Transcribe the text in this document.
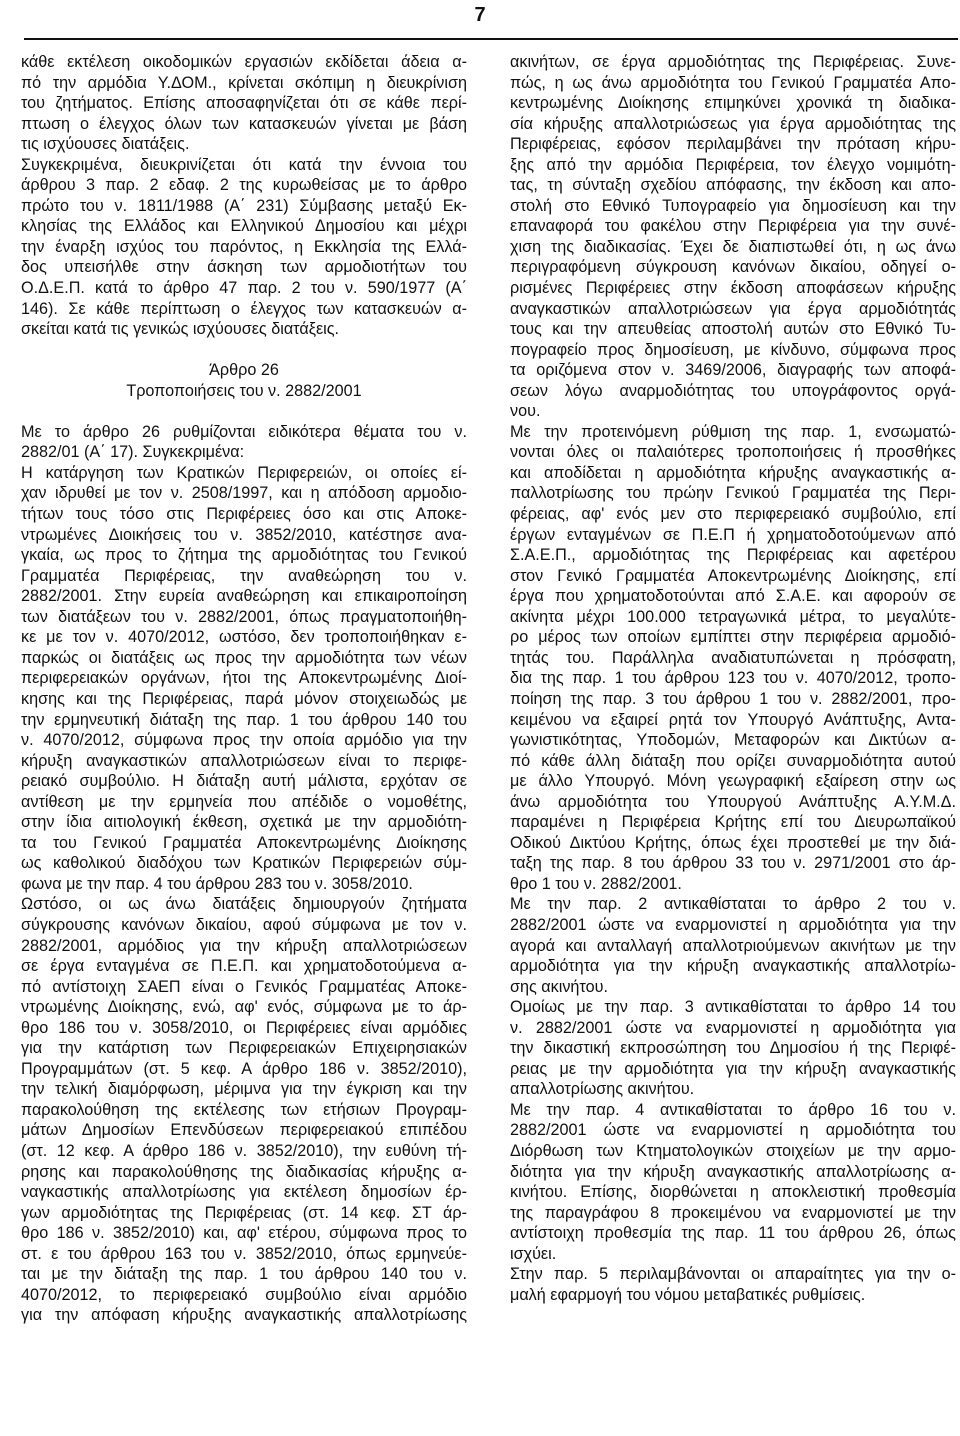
7
κάθε εκτέλεση οικοδομικών εργασιών εκδίδεται άδεια α-
πό την αρμόδια Υ.ΔΟΜ., κρίνεται σκόπιμη η διευκρίνιση
του ζητήματος. Επίσης αποσαφηνίζεται ότι σε κάθε περί-
πτωση ο έλεγχος όλων των κατασκευών γίνεται με βάση
τις ισχύουσες διατάξεις.
Συγκεκριμένα, διευκρινίζεται ότι κατά την έννοια του
άρθρου 3 παρ. 2 εδαφ. 2 της κυρωθείσας με το άρθρο
πρώτο του ν. 1811/1988 (Α΄ 231) Σύμβασης μεταξύ Εκ-
κλησίας της Ελλάδος και Ελληνικού Δημοσίου και μέχρι
την έναρξη ισχύος του παρόντος, η Εκκλησία της Ελλά-
δος υπεισήλθε στην άσκηση των αρμοδιοτήτων του
Ο.Δ.Ε.Π. κατά το άρθρο 47 παρ. 2 του ν. 590/1977 (Α΄
146). Σε κάθε περίπτωση ο έλεγχος των κατασκευών α-
σκείται κατά τις γενικώς ισχύουσες διατάξεις.
Άρθρο 26
Τροποποιήσεις του ν. 2882/2001
Με το άρθρο 26 ρυθμίζονται ειδικότερα θέματα του ν.
2882/01 (Α΄ 17). Συγκεκριμένα:
Η κατάργηση των Κρατικών Περιφερειών, οι οποίες εί-
χαν ιδρυθεί με τον ν. 2508/1997, και η απόδοση αρμοδιο-
τήτων τους τόσο στις Περιφέρειες όσο και στις Αποκε-
ντρωμένες Διοικήσεις του ν. 3852/2010, κατέστησε ανα-
γκαία, ως προς το ζήτημα της αρμοδιότητας του Γενικού
Γραμματέα Περιφέρειας, την αναθεώρηση του ν.
2882/2001. Στην ευρεία αναθεώρηση και επικαιροποίηση
των διατάξεων του ν. 2882/2001, όπως πραγματοποιήθη-
κε με τον ν. 4070/2012, ωστόσο, δεν τροποποιήθηκαν ε-
παρκώς οι διατάξεις ως προς την αρμοδιότητα των νέων
περιφερειακών οργάνων, ήτοι της Αποκεντρωμένης Διοί-
κησης και της Περιφέρειας, παρά μόνον στοιχειωδώς με
την ερμηνευτική διάταξη της παρ. 1 του άρθρου 140 του
ν. 4070/2012, σύμφωνα προς την οποία αρμόδιο για την
κήρυξη αναγκαστικών απαλλοτριώσεων είναι το περιφε-
ρειακό συμβούλιο. Η διάταξη αυτή μάλιστα, ερχόταν σε
αντίθεση με την ερμηνεία που απέδιδε ο νομοθέτης,
στην ίδια αιτιολογική έκθεση, σχετικά με την αρμοδιότη-
τα του Γενικού Γραμματέα Αποκεντρωμένης Διοίκησης
ως καθολικού διαδόχου των Κρατικών Περιφερειών σύμ-
φωνα με την παρ. 4 του άρθρου 283 του ν. 3058/2010.
Ωστόσο, οι ως άνω διατάξεις δημιουργούν ζητήματα
σύγκρουσης κανόνων δικαίου, αφού σύμφωνα με τον ν.
2882/2001, αρμόδιος για την κήρυξη απαλλοτριώσεων
σε έργα ενταγμένα σε Π.Ε.Π. και χρηματοδοτούμενα α-
πό αντίστοιχη ΣΑΕΠ είναι ο Γενικός Γραμματέας Αποκε-
ντρωμένης Διοίκησης, ενώ, αφ' ενός, σύμφωνα με το άρ-
θρο 186 του ν. 3058/2010, οι Περιφέρειες είναι αρμόδιες
για την κατάρτιση των Περιφερειακών Επιχειρησιακών
Προγραμμάτων (στ. 5 κεφ. Α άρθρο 186 ν. 3852/2010),
την τελική διαμόρφωση, μέριμνα για την έγκριση και την
παρακολούθηση της εκτέλεσης των ετήσιων Προγραμ-
μάτων Δημοσίων Επενδύσεων περιφερειακού επιπέδου
(στ. 12 κεφ. Α άρθρο 186 ν. 3852/2010), την ευθύνη τή-
ρησης και παρακολούθησης της διαδικασίας κήρυξης α-
ναγκαστικής απαλλοτρίωσης για εκτέλεση δημοσίων έρ-
γων αρμοδιότητας της Περιφέρειας (στ. 14 κεφ. ΣΤ άρ-
θρο 186 ν. 3852/2010) και, αφ' ετέρου, σύμφωνα προς το
στ. ε του άρθρου 163 του ν. 3852/2010, όπως ερμηνεύε-
ται με την διάταξη της παρ. 1 του άρθρου 140 του ν.
4070/2012, το περιφερειακό συμβούλιο είναι αρμόδιο
για την απόφαση κήρυξης αναγκαστικής απαλλοτρίωσης
ακινήτων, σε έργα αρμοδιότητας της Περιφέρειας. Συνε-
πώς, η ως άνω αρμοδιότητα του Γενικού Γραμματέα Απο-
κεντρωμένης Διοίκησης επιμηκύνει χρονικά τη διαδικα-
σία κήρυξης απαλλοτριώσεως για έργα αρμοδιότητας της
Περιφέρειας, εφόσον περιλαμβάνει την πρόταση κήρυ-
ξης από την αρμόδια Περιφέρεια, τον έλεγχο νομιμότη-
τας, τη σύνταξη σχεδίου απόφασης, την έκδοση και απο-
στολή στο Εθνικό Τυπογραφείο για δημοσίευση και την
επαναφορά του φακέλου στην Περιφέρεια για την συνέ-
χιση της διαδικασίας. Έχει δε διαπιστωθεί ότι, η ως άνω
περιγραφόμενη σύγκρουση κανόνων δικαίου, οδηγεί ο-
ρισμένες Περιφέρειες στην έκδοση αποφάσεων κήρυξης
αναγκαστικών απαλλοτριώσεων για έργα αρμοδιότητάς
τους και την απευθείας αποστολή αυτών στο Εθνικό Τυ-
πογραφείο προς δημοσίευση, με κίνδυνο, σύμφωνα προς
τα οριζόμενα στον ν. 3469/2006, διαγραφής των αποφά-
σεων λόγω αναρμοδιότητας του υπογράφοντος οργά-
νου.
Με την προτεινόμενη ρύθμιση της παρ. 1, ενσωματώ-
νονται όλες οι παλαιότερες τροποποιήσεις ή προσθήκες
και αποδίδεται η αρμοδιότητα κήρυξης αναγκαστικής α-
παλλοτρίωσης του πρώην Γενικού Γραμματέα της Περι-
φέρειας, αφ' ενός μεν στο περιφερειακό συμβούλιο, επί
έργων ενταγμένων σε Π.Ε.Π ή χρηματοδοτούμενων από
Σ.Α.Ε.Π., αρμοδιότητας της Περιφέρειας και αφετέρου
στον Γενικό Γραμματέα Αποκεντρωμένης Διοίκησης, επί
έργα που χρηματοδοτούνται από Σ.Α.Ε. και αφορούν σε
ακίνητα μέχρι 100.000 τετραγωνικά μέτρα, το μεγαλύτε-
ρο μέρος των οποίων εμπίπτει στην περιφέρεια αρμοδιό-
τητάς του. Παράλληλα αναδιατυπώνεται η πρόσφατη,
δια της παρ. 1 του άρθρου 123 του ν. 4070/2012, τροπο-
ποίηση της παρ. 3 του άρθρου 1 του ν. 2882/2001, προ-
κειμένου να εξαιρεί ρητά τον Υπουργό Ανάπτυξης, Αντα-
γωνιστικότητας, Υποδομών, Μεταφορών και Δικτύων α-
πό κάθε άλλη διάταξη που ορίζει συναρμοδιότητα αυτού
με άλλο Υπουργό. Μόνη γεωγραφική εξαίρεση στην ως
άνω αρμοδιότητα του Υπουργού Ανάπτυξης Α.Υ.Μ.Δ.
παραμένει η Περιφέρεια Κρήτης επί του Διευρωπαϊκού
Οδικού Δικτύου Κρήτης, όπως έχει προστεθεί με την διά-
ταξη της παρ. 8 του άρθρου 33 του ν. 2971/2001 στο άρ-
θρο 1 του ν. 2882/2001.
Με την παρ. 2 αντικαθίσταται το άρθρο 2 του ν.
2882/2001 ώστε να εναρμονιστεί η αρμοδιότητα για την
αγορά και ανταλλαγή απαλλοτριούμενων ακινήτων με την
αρμοδιότητα για την κήρυξη αναγκαστικής απαλλοτρίω-
σης ακινήτου.
Ομοίως με την παρ. 3 αντικαθίσταται το άρθρο 14 του
ν. 2882/2001 ώστε να εναρμονιστεί η αρμοδιότητα για
την δικαστική εκπροσώπηση του Δημοσίου ή της Περιφέ-
ρειας με την αρμοδιότητα για την κήρυξη αναγκαστικής
απαλλοτρίωσης ακινήτου.
Με την παρ. 4 αντικαθίσταται το άρθρο 16 του ν.
2882/2001 ώστε να εναρμονιστεί η αρμοδιότητα του
Διόρθωση των Κτηματολογικών στοιχείων με την αρμο-
διότητα για την κήρυξη αναγκαστικής απαλλοτρίωσης α-
κινήτου. Επίσης, διορθώνεται η αποκλειστική προθεσμία
της παραγράφου 8 προκειμένου να εναρμονιστεί με την
αντίστοιχη προθεσμία της παρ. 11 του άρθρου 26, όπως
ισχύει.
Στην παρ. 5 περιλαμβάνονται οι απαραίτητες για την ο-
μαλή εφαρμογή του νόμου μεταβατικές ρυθμίσεις.
